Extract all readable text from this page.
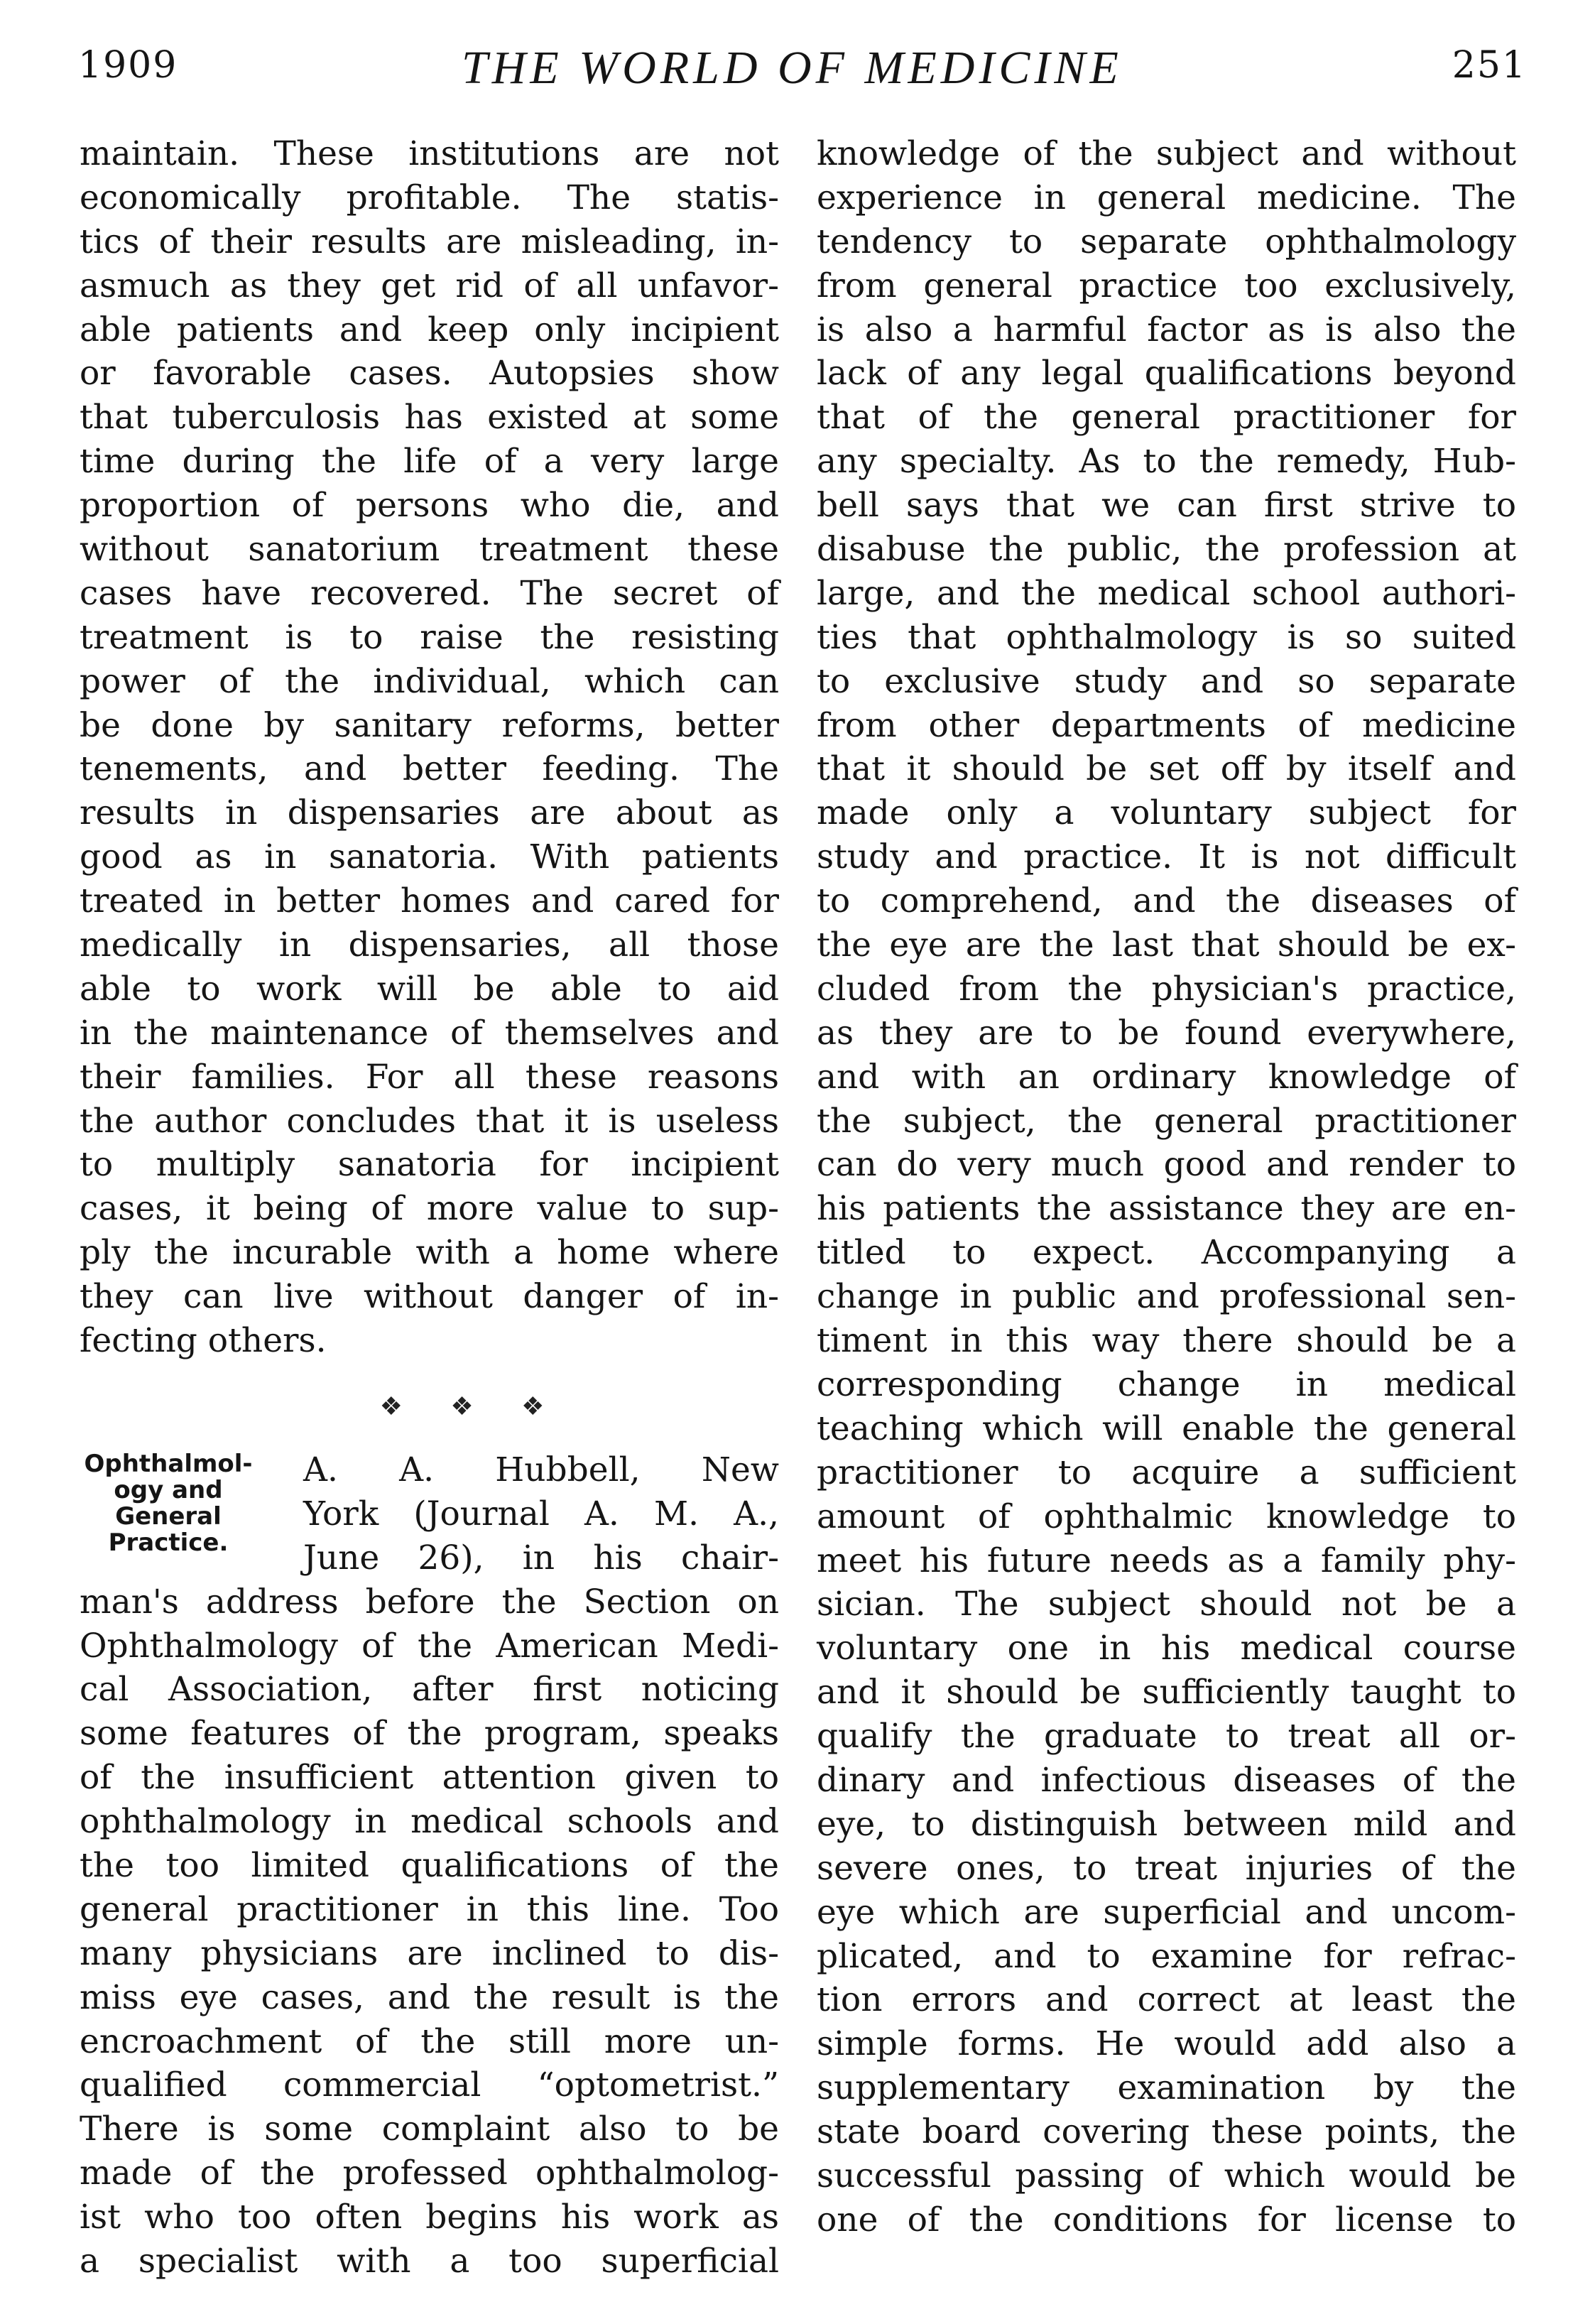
1909	THE WORLD OF MEDICINE	251
maintain. These institutions are not
economically profitable. The statis-
tics of their results are misleading, in-
asmuch as they get rid of all unfavor-
able patients and keep only incipient
or favorable cases. Autopsies show
that tuberculosis has existed at some
time during the life of a very large
proportion of persons who die, and
without sanatorium treatment these
cases have recovered. The secret of
treatment is to raise the resisting
power of the individual, which can
be done by sanitary reforms, better
tenements, and better feeding. The
results in dispensaries are about as
good as in sanatoria. With patients
treated in better homes and cared for
medically in dispensaries, all those
able to work will be able to aid
in the maintenance of themselves and
their families. For all these reasons
the author concludes that it is useless
to multiply sanatoria for incipient
cases, it being of more value to sup-
ply the incurable with a home where
they can live without danger of in-
fecting others.
❖ ❖ ❖
Ophthalmol-
ogy and
General
Practice.
A. A. Hubbell, New
York (Journal A. M. A.,
June 26), in his chair-
man's address before the Section on
Ophthalmology of the American Medi-
cal Association, after first noticing
some features of the program, speaks
of the insufficient attention given to
ophthalmology in medical schools and
the too limited qualifications of the
general practitioner in this line. Too
many physicians are inclined to dis-
miss eye cases, and the result is the
encroachment of the still more un-
qualified commercial “optometrist.”
There is some complaint also to be
made of the professed ophthalmolog-
ist who too often begins his work as
a specialist with a too superficial
knowledge of the subject and without
experience in general medicine. The
tendency to separate ophthalmology
from general practice too exclusively,
is also a harmful factor as is also the
lack of any legal qualifications beyond
that of the general practitioner for
any specialty. As to the remedy, Hub-
bell says that we can first strive to
disabuse the public, the profession at
large, and the medical school authori-
ties that ophthalmology is so suited
to exclusive study and so separate
from other departments of medicine
that it should be set off by itself and
made only a voluntary subject for
study and practice. It is not difficult
to comprehend, and the diseases of
the eye are the last that should be ex-
cluded from the physician's practice,
as they are to be found everywhere,
and with an ordinary knowledge of
the subject, the general practitioner
can do very much good and render to
his patients the assistance they are en-
titled to expect. Accompanying a
change in public and professional sen-
timent in this way there should be a
corresponding change in medical
teaching which will enable the general
practitioner to acquire a sufficient
amount of ophthalmic knowledge to
meet his future needs as a family phy-
sician. The subject should not be a
voluntary one in his medical course
and it should be sufficiently taught to
qualify the graduate to treat all or-
dinary and infectious diseases of the
eye, to distinguish between mild and
severe ones, to treat injuries of the
eye which are superficial and uncom-
plicated, and to examine for refrac-
tion errors and correct at least the
simple forms. He would add also a
supplementary examination by the
state board covering these points, the
successful passing of which would be
one of the conditions for license to
